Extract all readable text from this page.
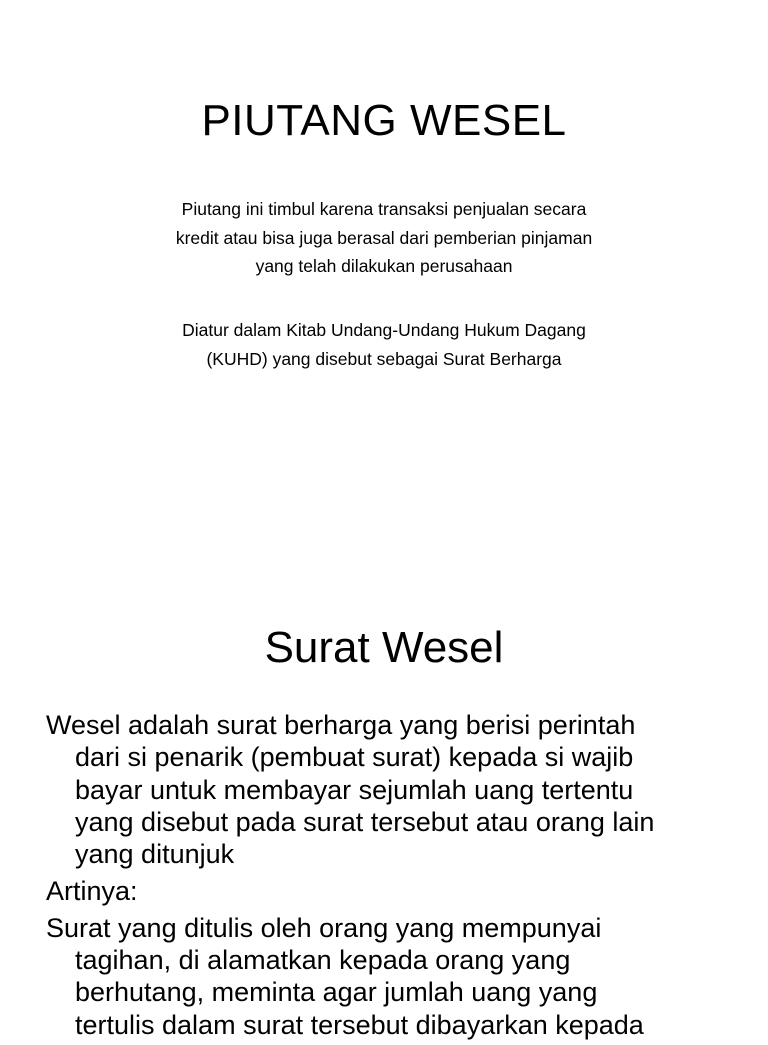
PIUTANG WESEL

Piutang ini timbul karena transaksi penjualan secara
kredit atau bisa juga berasal dari pemberian pinjaman
yang telah dilakukan perusahaan

Diatur dalam Kitab Undang-Undang Hukum Dagang
(KUHD) yang disebut sebagai Surat Berharga

Surat Wesel

Wesel adalah surat berharga yang berisi perintah
dari si penarik (pembuat surat) kepada si wajib
bayar untuk membayar sejumlah uang tertentu
yang disebut pada surat tersebut atau orang lain
yang ditunjuk

Artinya:

Surat yang ditulis oleh orang yang mempunyai
tagihan, di alamatkan kepada orang yang
berhutang, meminta agar jumlah uang yang
tertulis dalam surat tersebut dibayarkan kepada
